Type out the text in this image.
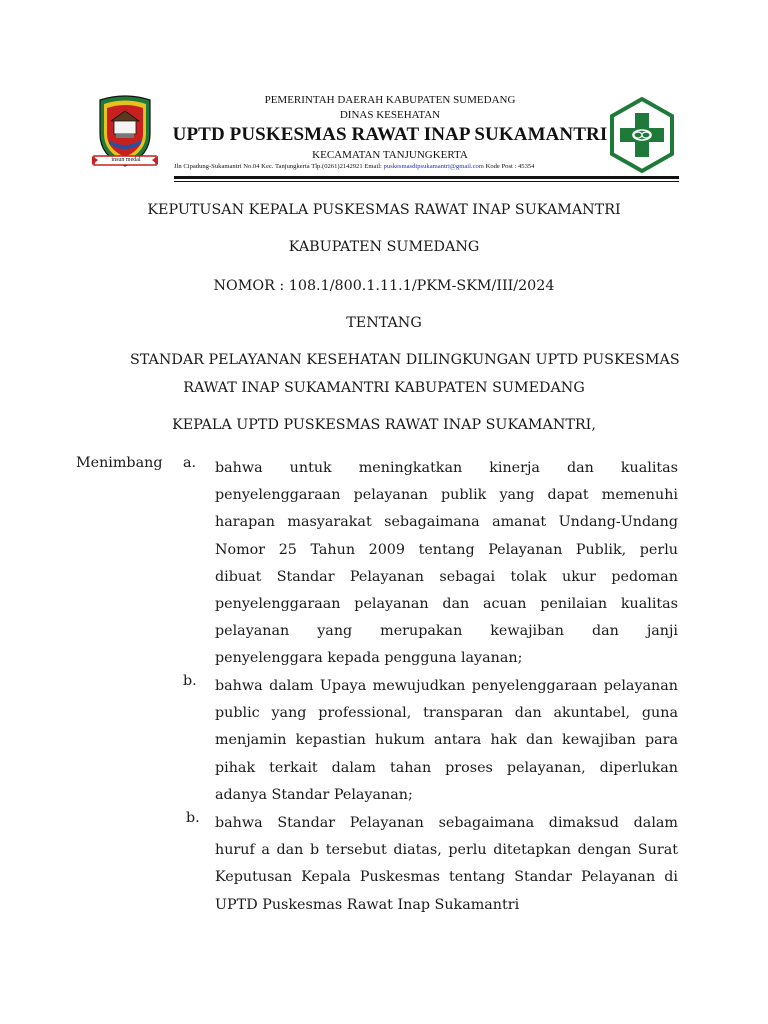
insun medal
PEMERINTAH DAERAH KABUPATEN SUMEDANG
DINAS KESEHATAN
UPTD PUSKESMAS RAWAT INAP SUKAMANTRI
KECAMATAN TANJUNGKERTA
Jln Cipadung-Sukamantri No.04 Kec. Tanjungkerta Tlp.(0261)2142921 Email: puskesmasdtpsukamantri@gmail.com Kode Post : 45354
KEPUTUSAN KEPALA PUSKESMAS RAWAT INAP SUKAMANTRI
KABUPATEN SUMEDANG
NOMOR : 108.1/800.1.11.1/PKM-SKM/III/2024
TENTANG
STANDAR PELAYANAN KESEHATAN DILINGKUNGAN UPTD PUSKESMAS
RAWAT INAP SUKAMANTRI KABUPATEN SUMEDANG
KEPALA UPTD PUSKESMAS RAWAT INAP SUKAMANTRI,
Menimbang a. bahwa untuk meningkatkan kinerja dan kualitas
penyelenggaraan pelayanan publik yang dapat memenuhi
harapan masyarakat sebagaimana amanat Undang-Undang
Nomor 25 Tahun 2009 tentang Pelayanan Publik, perlu
dibuat Standar Pelayanan sebagai tolak ukur pedoman
penyelenggaraan pelayanan dan acuan penilaian kualitas
pelayanan yang merupakan kewajiban dan janji
penyelenggara kepada pengguna layanan;
b. bahwa dalam Upaya mewujudkan penyelenggaraan pelayanan
public yang professional, transparan dan akuntabel, guna
menjamin kepastian hukum antara hak dan kewajiban para
pihak terkait dalam tahan proses pelayanan, diperlukan
adanya Standar Pelayanan;
b. bahwa Standar Pelayanan sebagaimana dimaksud dalam
huruf a dan b tersebut diatas, perlu ditetapkan dengan Surat
Keputusan Kepala Puskesmas tentang Standar Pelayanan di
UPTD Puskesmas Rawat Inap Sukamantri
